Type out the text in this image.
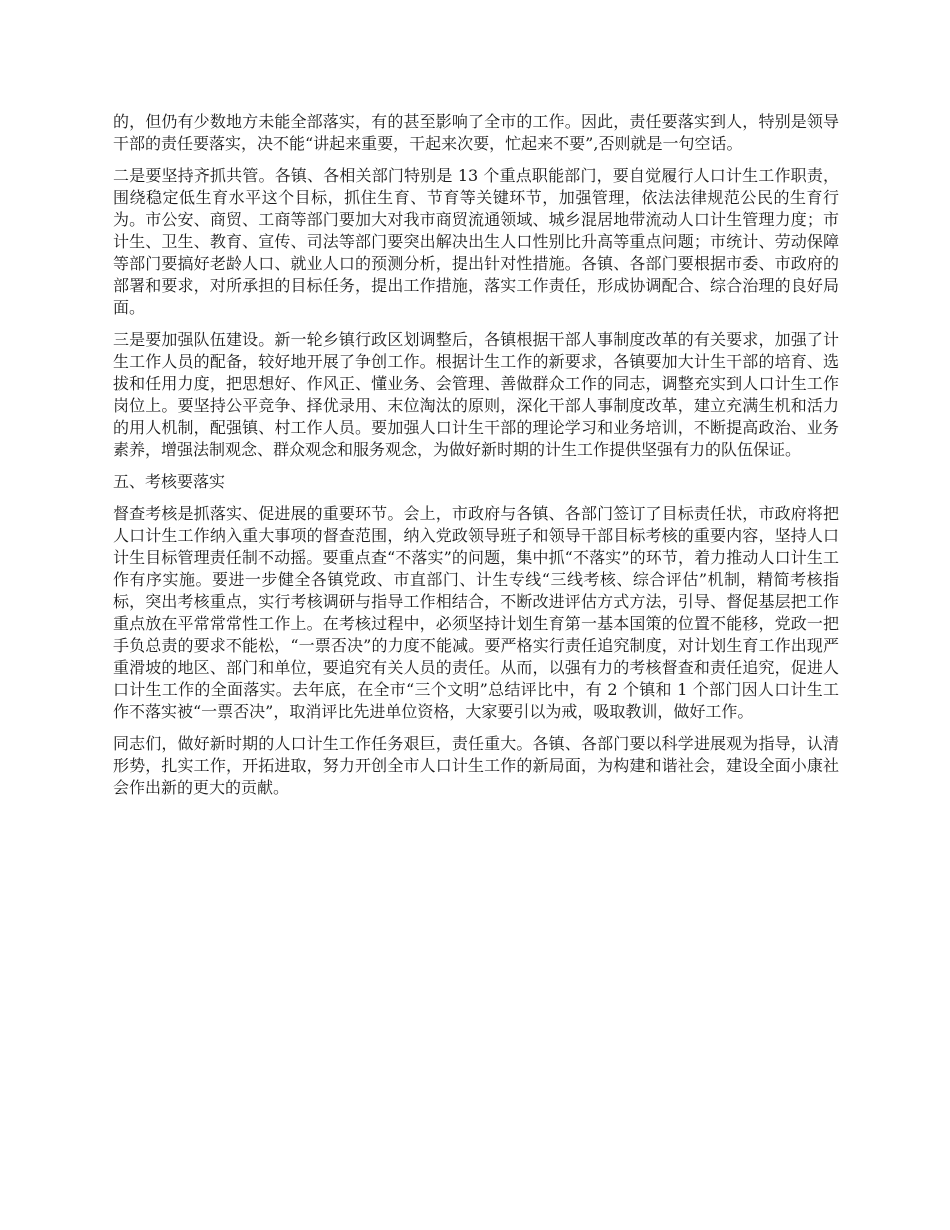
的，但仍有少数地方未能全部落实，有的甚至影响了全市的工作。因此，责任要落实到人，特别是领导干部的责任要落实，决不能“讲起来重要，干起来次要，忙起来不要”,否则就是一句空话。

二是要坚持齐抓共管。各镇、各相关部门特别是 13 个重点职能部门，要自觉履行人口计生工作职责，围绕稳定低生育水平这个目标，抓住生育、节育等关键环节，加强管理，依法法律规范公民的生育行为。市公安、商贸、工商等部门要加大对我市商贸流通领域、城乡混居地带流动人口计生管理力度；市计生、卫生、教育、宣传、司法等部门要突出解决出生人口性别比升高等重点问题；市统计、劳动保障等部门要搞好老龄人口、就业人口的预测分析，提出针对性措施。各镇、各部门要根据市委、市政府的部署和要求，对所承担的目标任务，提出工作措施，落实工作责任，形成协调配合、综合治理的良好局面。

三是要加强队伍建设。新一轮乡镇行政区划调整后，各镇根据干部人事制度改革的有关要求，加强了计生工作人员的配备，较好地开展了争创工作。根据计生工作的新要求，各镇要加大计生干部的培育、选拔和任用力度，把思想好、作风正、懂业务、会管理、善做群众工作的同志，调整充实到人口计生工作岗位上。要坚持公平竞争、择优录用、末位淘汰的原则，深化干部人事制度改革，建立充满生机和活力的用人机制，配强镇、村工作人员。要加强人口计生干部的理论学习和业务培训，不断提高政治、业务素养，增强法制观念、群众观念和服务观念，为做好新时期的计生工作提供坚强有力的队伍保证。

五、考核要落实

督查考核是抓落实、促进展的重要环节。会上，市政府与各镇、各部门签订了目标责任状，市政府将把人口计生工作纳入重大事项的督查范围，纳入党政领导班子和领导干部目标考核的重要内容，坚持人口计生目标管理责任制不动摇。要重点查“不落实”的问题，集中抓“不落实”的环节，着力推动人口计生工作有序实施。要进一步健全各镇党政、市直部门、计生专线“三线考核、综合评估”机制，精简考核指标，突出考核重点，实行考核调研与指导工作相结合，不断改进评估方式方法，引导、督促基层把工作重点放在平常常常性工作上。在考核过程中，必须坚持计划生育第一基本国策的位置不能移，党政一把手负总责的要求不能松，“一票否决”的力度不能减。要严格实行责任追究制度，对计划生育工作出现严重滑坡的地区、部门和单位，要追究有关人员的责任。从而，以强有力的考核督查和责任追究，促进人口计生工作的全面落实。去年底，在全市“三个文明”总结评比中，有 2 个镇和 1 个部门因人口计生工作不落实被“一票否决”，取消评比先进单位资格，大家要引以为戒，吸取教训，做好工作。

同志们，做好新时期的人口计生工作任务艰巨，责任重大。各镇、各部门要以科学进展观为指导，认清形势，扎实工作，开拓进取，努力开创全市人口计生工作的新局面，为构建和谐社会，建设全面小康社会作出新的更大的贡献。
